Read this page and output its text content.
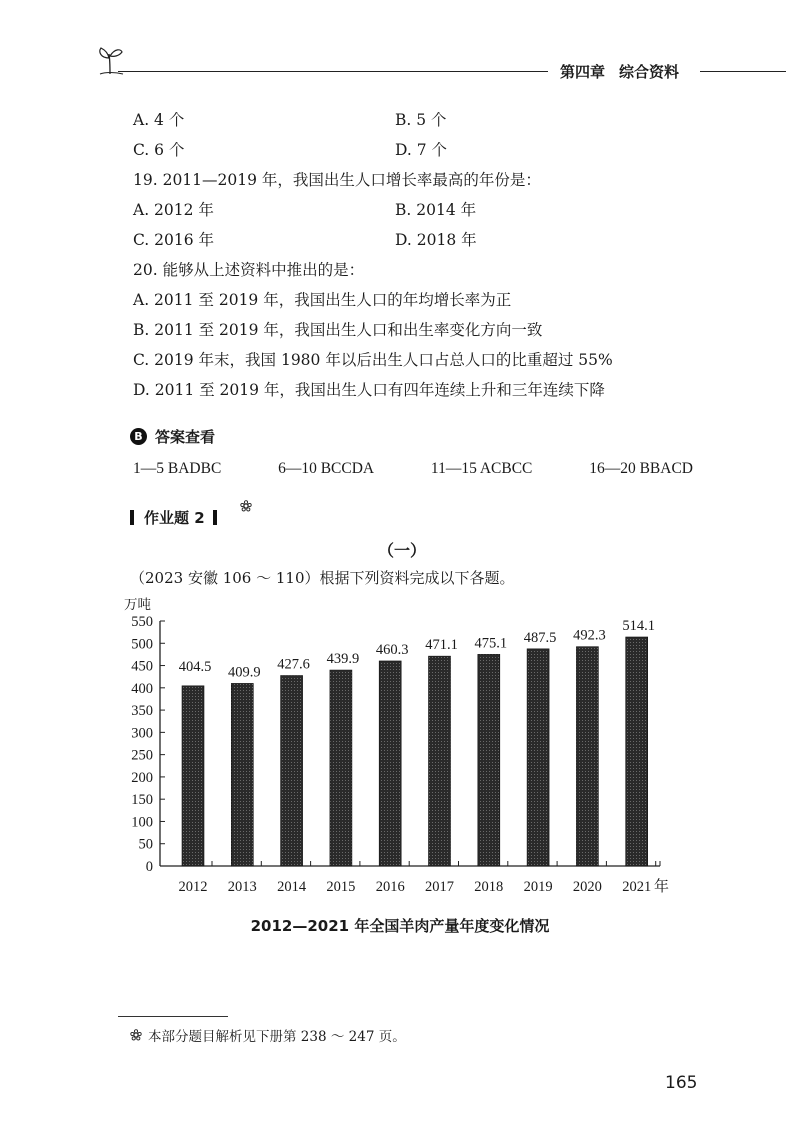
第四章 综合资料
A. 4 个	B. 5 个
C. 6 个	D. 7 个
19. 2011—2019 年，我国出生人口增长率最高的年份是：
A. 2012 年	B. 2014 年
C. 2016 年	D. 2018 年
20. 能够从上述资料中推出的是：
A. 2011 至 2019 年，我国出生人口的年均增长率为正
B. 2011 至 2019 年，我国出生人口和出生率变化方向一致
C. 2019 年末，我国 1980 年以后出生人口占总人口的比重超过 55%
D. 2011 至 2019 年，我国出生人口有四年连续上升和三年连续下降
B 答案查看
1—5 BADBC	6—10 BCCDA	11—15 ACBCC	16—20 BBACD
作业题 2
（一）
（2023 安徽 106 ～ 110）根据下列资料完成以下各题。
0
50
100
150
200
250
300
350
400
450
500
550
万吨
2012
404.5
2013
409.9
2014
427.6
2015
439.9
2016
460.3
2017
471.1
2018
475.1
2019
487.5
2020
492.3
2021
514.1
年
2012—2021 年全国羊肉产量年度变化情况
本部分题目解析见下册第 238 ～ 247 页。
165
